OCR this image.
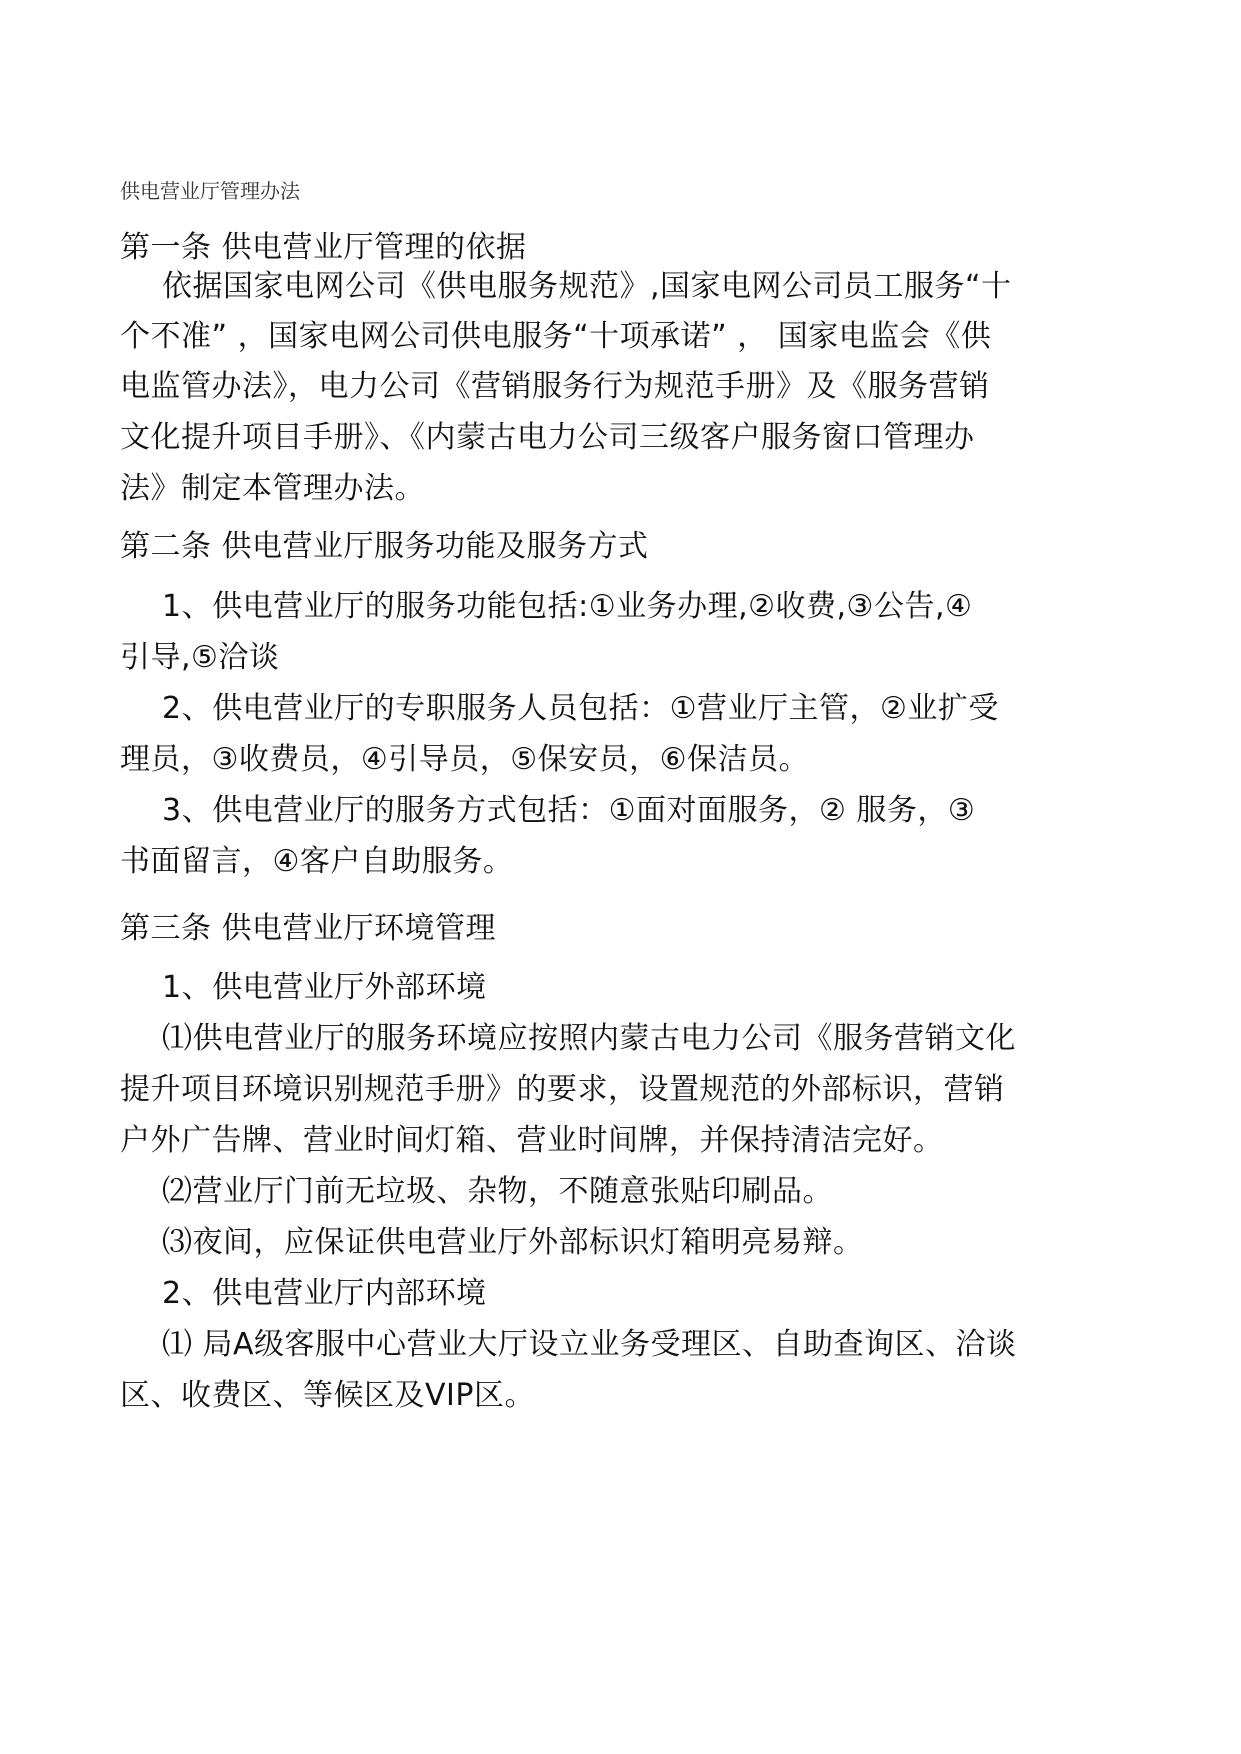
供电营业厅管理办法
第一条 供电营业厅管理的依据
依据国家电网公司《供电服务规范》,国家电网公司员工服务“十
个不准” ，国家电网公司供电服务“十项承诺” ， 国家电监会《供
电监管办法》，电力公司《营销服务行为规范手册》及《服务营销
文化提升项目手册》、《内蒙古电力公司三级客户服务窗口管理办
法》制定本管理办法。
第二条 供电营业厅服务功能及服务方式
1、供电营业厅的服务功能包括:①业务办理,②收费,③公告,④
引导,⑤洽谈
2、供电营业厅的专职服务人员包括：①营业厅主管，②业扩受
理员，③收费员，④引导员，⑤保安员，⑥保洁员。
3、供电营业厅的服务方式包括：①面对面服务，② 服务，③
书面留言，④客户自助服务。
第三条 供电营业厅环境管理
1、供电营业厅外部环境
⑴供电营业厅的服务环境应按照内蒙古电力公司《服务营销文化
提升项目环境识别规范手册》的要求，设置规范的外部标识，营销
户外广告牌、营业时间灯箱、营业时间牌，并保持清洁完好。
⑵营业厅门前无垃圾、杂物，不随意张贴印刷品。
⑶夜间，应保证供电营业厅外部标识灯箱明亮易辩。
2、供电营业厅内部环境
⑴ 局A级客服中心营业大厅设立业务受理区、自助查询区、洽谈
区、收费区、等候区及VIP区。
